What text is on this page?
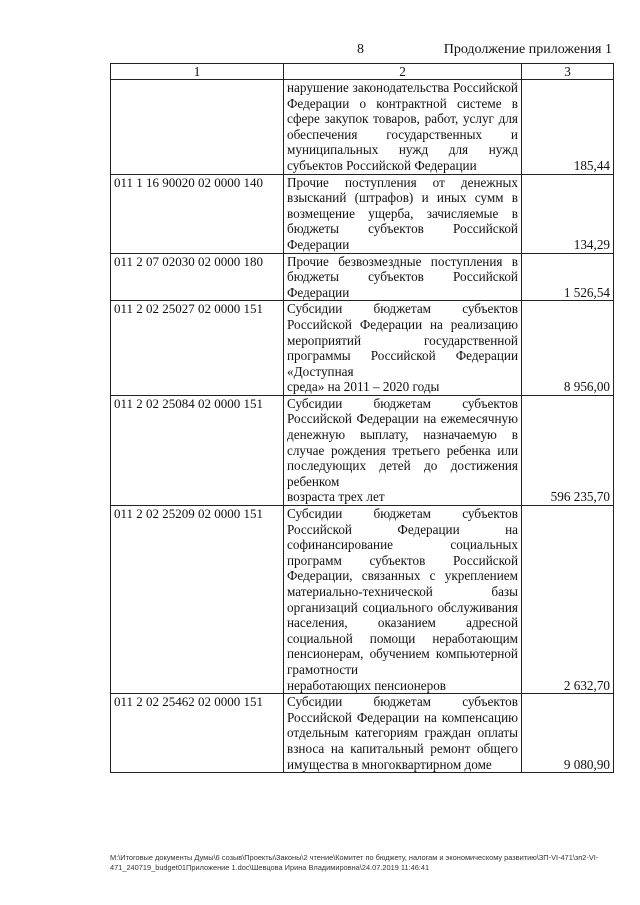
8	Продолжение приложения 1
1	2	3
	нарушение законодательства Российской Федерации о контрактной системе в сфере закупок товаров, работ, услуг для обеспечения государственных и муниципальных нужд для нужд
субъектов Российской Федерации	185,44
011 1 16 90020 02 0000 140	Прочие поступления от денежных взысканий (штрафов) и иных сумм в возмещение ущерба, зачисляемые в бюджеты субъектов Российской
Федерации	134,29
011 2 07 02030 02 0000 180	Прочие безвозмездные поступления в бюджеты субъектов Российской
Федерации	1 526,54
011 2 02 25027 02 0000 151	Субсидии бюджетам субъектов Российской Федерации на реализацию мероприятий государственной программы Российской Федерации «Доступная
среда» на 2011 – 2020 годы	8 956,00
011 2 02 25084 02 0000 151	Субсидии бюджетам субъектов Российской Федерации на ежемесячную денежную выплату, назначаемую в случае рождения третьего ребенка или последующих детей до достижения ребенком
возраста трех лет	596 235,70
011 2 02 25209 02 0000 151	Субсидии бюджетам субъектов Российской Федерации на софинансирование социальных программ субъектов Российской Федерации, связанных с укреплением материально-технической базы организаций социального обслуживания населения, оказанием адресной социальной помощи неработающим пенсионерам, обучением компьютерной грамотности
неработающих пенсионеров	2 632,70
011 2 02 25462 02 0000 151	Субсидии бюджетам субъектов Российской Федерации на компенсацию отдельным категориям граждан оплаты взноса на капитальный ремонт общего
имущества в многоквартирном доме	9 080,90
M:\Итоговые документы Думы\6 созыв\Проекты\Законы\2 чтение\Комитет по бюджету, налогам и экономическому развитию\ЗП-VI-471\зп2-VI-471_240719_budget01Приложение 1.doc\Шевцова Ирина Владимировна\24.07.2019 11:46:41
